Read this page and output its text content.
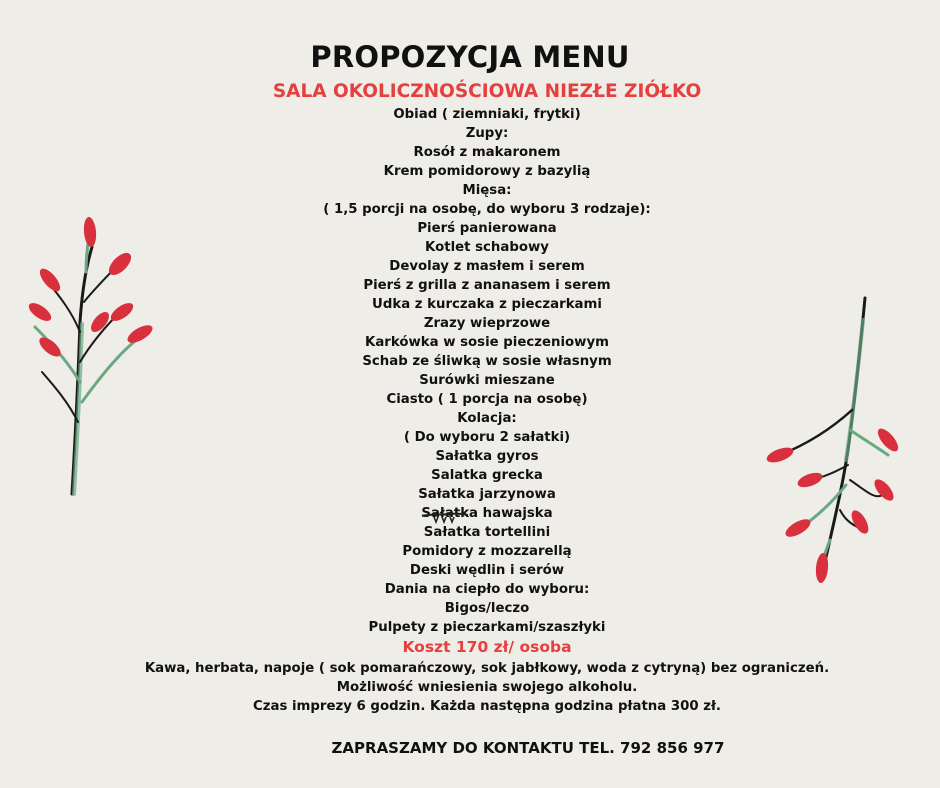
PROPOZYCJA MENU
SALA OKOLICZNOŚCIOWA NIEZŁE ZIÓŁKO
Obiad ( ziemniaki, frytki)
Zupy:
Rosół z makaronem
Krem pomidorowy z bazylią
Mięsa:
( 1,5 porcji na osobę, do wyboru 3 rodzaje):
Pierś panierowana
Kotlet schabowy
Devolay z masłem i serem
Pierś z grilla z ananasem i serem
Udka z kurczaka z pieczarkami
Zrazy wieprzowe
Karkówka w sosie pieczeniowym
Schab ze śliwką w sosie własnym
Surówki mieszane
Ciasto ( 1 porcja na osobę)
Kolacja:
( Do wyboru 2 sałatki)
Sałatka gyros
Salatka grecka
Sałatka jarzynowa
Sałatka hawajska
Sałatka tortellini
Pomidory z mozzarellą
Deski wędlin i serów
Dania na ciepło do wyboru:
Bigos/leczo
Pulpety z pieczarkami/szaszłyki
Koszt 170 zł/ osoba
Kawa, herbata, napoje ( sok pomarańczowy, sok jabłkowy, woda z cytryną) bez ograniczeń.
Możliwość wniesienia swojego alkoholu.
Czas imprezy 6 godzin. Każda następna godzina płatna 300 zł.
ZAPRASZAMY DO KONTAKTU TEL. 792 856 977
